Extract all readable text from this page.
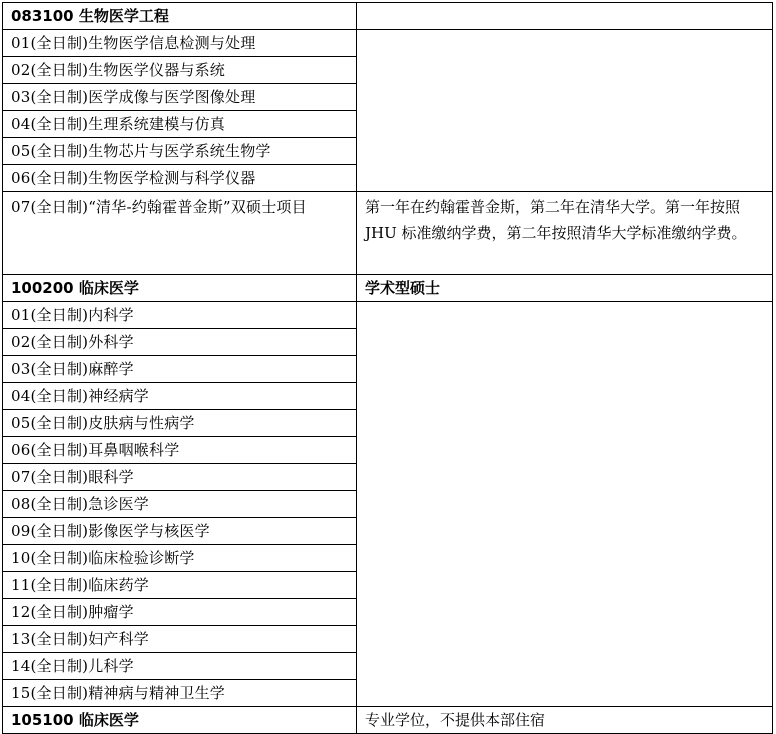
083100 生物医学工程	
01(全日制)生物医学信息检测与处理	
02(全日制)生物医学仪器与系统	
03(全日制)医学成像与医学图像处理	
04(全日制)生理系统建模与仿真	
05(全日制)生物芯片与医学系统生物学	
06(全日制)生物医学检测与科学仪器	
07(全日制)“清华-约翰霍普金斯”双硕士项目	第一年在约翰霍普金斯，第二年在清华大学。第一年按照 JHU 标准缴纳学费，第二年按照清华大学标准缴纳学费。
100200 临床医学	学术型硕士
01(全日制)内科学	
02(全日制)外科学	
03(全日制)麻醉学	
04(全日制)神经病学	
05(全日制)皮肤病与性病学	
06(全日制)耳鼻咽喉科学	
07(全日制)眼科学	
08(全日制)急诊医学	
09(全日制)影像医学与核医学	
10(全日制)临床检验诊断学	
11(全日制)临床药学	
12(全日制)肿瘤学	
13(全日制)妇产科学	
14(全日制)儿科学	
15(全日制)精神病与精神卫生学	
105100 临床医学	专业学位，不提供本部住宿
